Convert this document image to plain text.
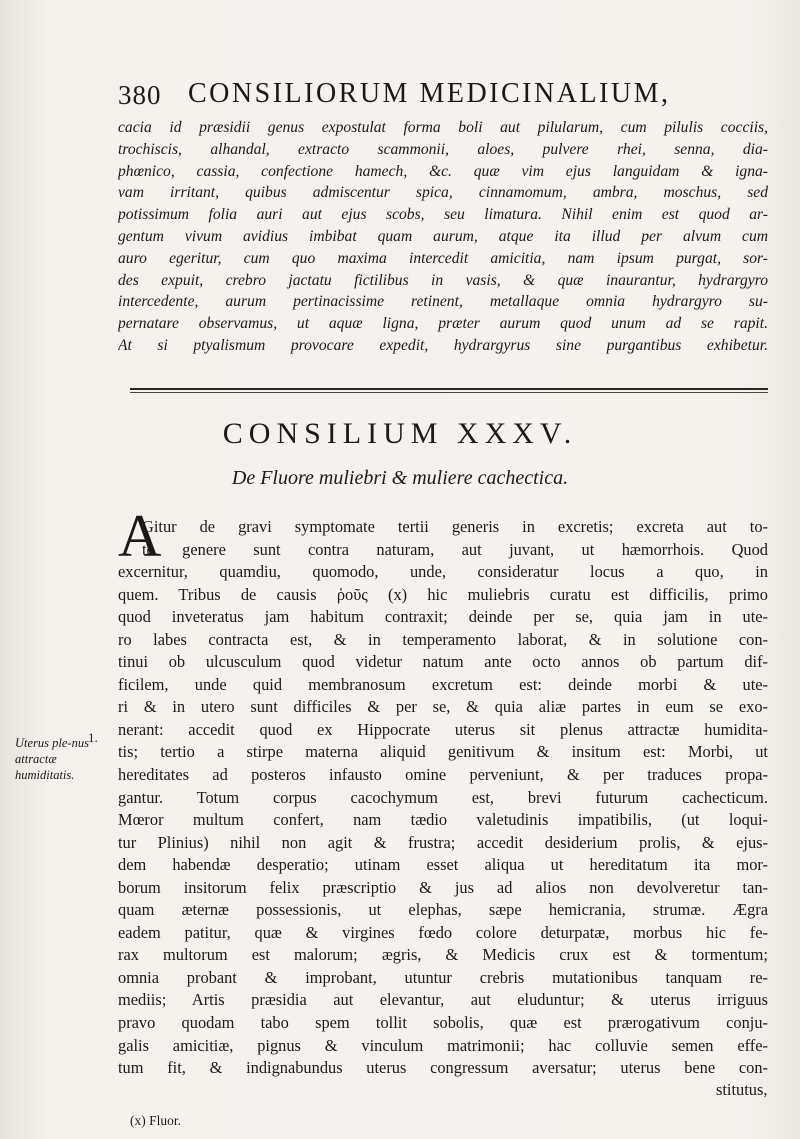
380 CONSILIORUM MEDICINALIUM,
cacia id præsidii genus expostulat forma boli aut pilularum, cum pilulis cocciis,
trochiscis, alhandal, extracto scammonii, aloes, pulvere rhei, senna, dia-
phœnico, cassia, confectione hamech, &c. quæ vim ejus languidam & igna-
vam irritant, quibus admiscentur spica, cinnamomum, ambra, moschus, sed
potissimum folia auri aut ejus scobs, seu limatura. Nihil enim est quod ar-
gentum vivum avidius imbibat quam aurum, atque ita illud per alvum cum
auro egeritur, cum quo maxima intercedit amicitia, nam ipsum purgat, sor-
des expuit, crebro jactatu fictilibus in vasis, & quæ inaurantur, hydrargyro
intercedente, aurum pertinacissime retinent, metallaque omnia hydrargyro su-
pernatare observamus, ut aquæ ligna, præter aurum quod unum ad se rapit.
At si ptyalismum provocare expedit, hydrargyrus sine purgantibus exhibetur.
CONSILIUM XXXV.
De Fluore muliebri & muliere cachectica.
A
Gitur de gravi symptomate tertii generis in excretis; excreta aut to-
to genere sunt contra naturam, aut juvant, ut hæmorrhois. Quod
excernitur, quamdiu, quomodo, unde, consideratur locus a quo, in
quem. Tribus de causis ῥοῦς (x) hic muliebris curatu est difficilis, primo
quod inveteratus jam habitum contraxit; deinde per se, quia jam in ute-
ro labes contracta est, & in temperamento laborat, & in solutione con-
tinui ob ulcusculum quod videtur natum ante octo annos ob partum dif-
ficilem, unde quid membranosum excretum est: deinde morbi & ute-
ri & in utero sunt difficiles & per se, & quia aliæ partes in eum se exo-
nerant: accedit quod ex Hippocrate uterus sit plenus attractæ humidita-
tis; tertio a stirpe materna aliquid genitivum & insitum est: Morbi, ut
hereditates ad posteros infausto omine perveniunt, & per traduces propa-
gantur. Totum corpus cacochymum est, brevi futurum cachecticum.
Mœror multum confert, nam tædio valetudinis impatibilis, (ut loqui-
tur Plinius) nihil non agit & frustra; accedit desiderium prolis, & ejus-
dem habendæ desperatio; utinam esset aliqua ut hereditatum ita mor-
borum insitorum felix præscriptio & jus ad alios non devolveretur tan-
quam æternæ possessionis, ut elephas, sæpe hemicrania, strumæ. Ægra
eadem patitur, quæ & virgines fœdo colore deturpatæ, morbus hic fe-
rax multorum est malorum; ægris, & Medicis crux est & tormentum;
omnia probant & improbant, utuntur crebris mutationibus tanquam re-
mediis; Artis præsidia aut elevantur, aut eluduntur; & uterus irriguus
pravo quodam tabo spem tollit sobolis, quæ est prærogativum conju-
galis amicitiæ, pignus & vinculum matrimonii; hac colluvie semen effe-
tum fit, & indignabundus uterus congressum aversatur; uterus bene con-
stitutus,
1.
Uterus ple-nus attractæ humiditatis.
(x) Fluor.
